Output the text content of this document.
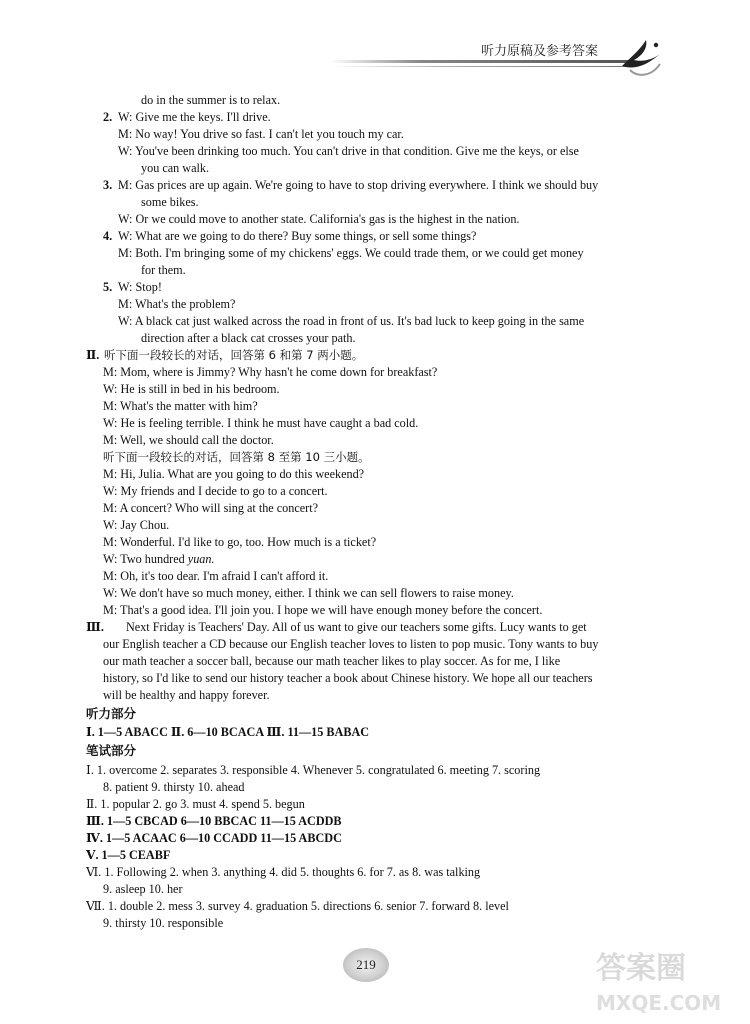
听力原稿及参考答案
do in the summer is to relax.
2. W: Give me the keys. I'll drive.
M: No way! You drive so fast. I can't let you touch my car.
W: You've been drinking too much. You can't drive in that condition. Give me the keys, or else
you can walk.
3. M: Gas prices are up again. We're going to have to stop driving everywhere. I think we should buy
some bikes.
W: Or we could move to another state. California's gas is the highest in the nation.
4. W: What are we going to do there? Buy some things, or sell some things?
M: Both. I'm bringing some of my chickens' eggs. We could trade them, or we could get money
for them.
5. W: Stop!
M: What's the problem?
W: A black cat just walked across the road in front of us. It's bad luck to keep going in the same
direction after a black cat crosses your path.
Ⅱ. 听下面一段较长的对话，回答第 6 和第 7 两小题。
M: Mom, where is Jimmy? Why hasn't he come down for breakfast?
W: He is still in bed in his bedroom.
M: What's the matter with him?
W: He is feeling terrible. I think he must have caught a bad cold.
M: Well, we should call the doctor.
听下面一段较长的对话，回答第 8 至第 10 三小题。
M: Hi, Julia. What are you going to do this weekend?
W: My friends and I decide to go to a concert.
M: A concert? Who will sing at the concert?
W: Jay Chou.
M: Wonderful. I'd like to go, too. How much is a ticket?
W: Two hundred yuan.
M: Oh, it's too dear. I'm afraid I can't afford it.
W: We don't have so much money, either. I think we can sell flowers to raise money.
M: That's a good idea. I'll join you. I hope we will have enough money before the concert.
Ⅲ. Next Friday is Teachers' Day. All of us want to give our teachers some gifts. Lucy wants to get
our English teacher a CD because our English teacher loves to listen to pop music. Tony wants to buy
our math teacher a soccer ball, because our math teacher likes to play soccer. As for me, I like
history, so I'd like to send our history teacher a book about Chinese history. We hope all our teachers
will be healthy and happy forever.
听力部分
Ⅰ. 1—5 ABACC Ⅱ. 6—10 BCACA Ⅲ. 11—15 BABAC
笔试部分
Ⅰ. 1. overcome 2. separates 3. responsible 4. Whenever 5. congratulated 6. meeting 7. scoring
8. patient 9. thirsty 10. ahead
Ⅱ. 1. popular 2. go 3. must 4. spend 5. begun
Ⅲ. 1—5 CBCAD 6—10 BBCAC 11—15 ACDDB
Ⅳ. 1—5 ACAAC 6—10 CCADD 11—15 ABCDC
Ⅴ. 1—5 CEABF
Ⅵ. 1. Following 2. when 3. anything 4. did 5. thoughts 6. for 7. as 8. was talking
9. asleep 10. her
Ⅶ. 1. double 2. mess 3. survey 4. graduation 5. directions 6. senior 7. forward 8. level
9. thirsty 10. responsible
219	答案圈
MXQE.COM
